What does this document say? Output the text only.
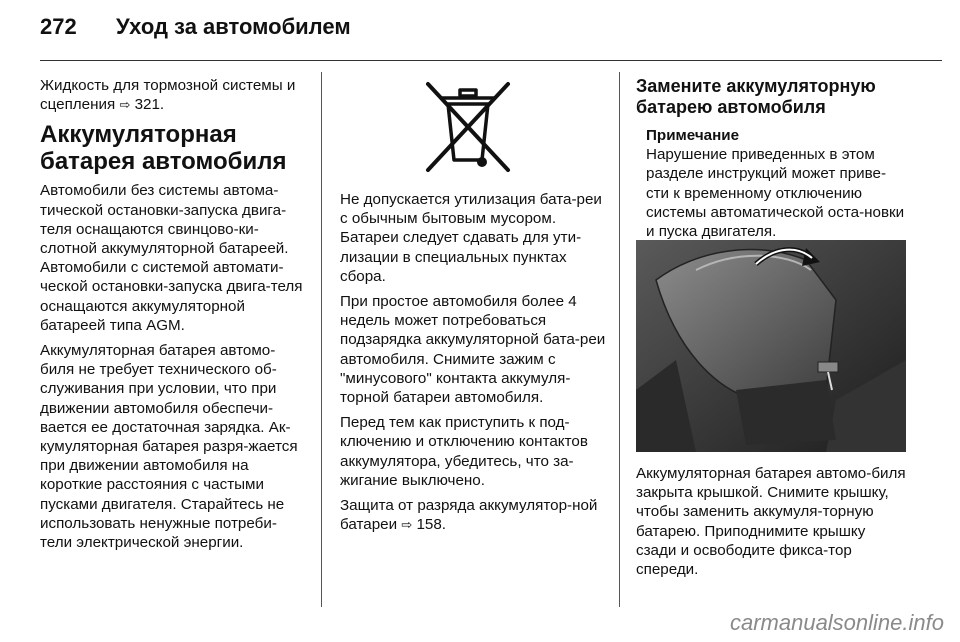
272 Уход за автомобилем

Жидкость для тормозной системы и сцепления ⇨ 321.

Аккумуляторная батарея автомобиля

Автомобили без системы автома-тической остановки-запуска двига-теля оснащаются свинцово-ки-слотной аккумуляторной батареей. Автомобили с системой автомати-ческой остановки-запуска двига-теля оснащаются аккумуляторной батареей типа AGM.

Аккумуляторная батарея автомо-биля не требует технического об-служивания при условии, что при движении автомобиля обеспечи-вается ее достаточная зарядка. Ак-кумуляторная батарея разря-жается при движении автомобиля на короткие расстояния с частыми пусками двигателя. Старайтесь не использовать ненужные потреби-тели электрической энергии.

Не допускается утилизация бата-реи с обычным бытовым мусором. Батареи следует сдавать для ути-лизации в специальных пунктах сбора.

При простое автомобиля более 4 недель может потребоваться подзарядка аккумуляторной бата-реи автомобиля. Снимите зажим с "минусового" контакта аккумуля-торной батареи автомобиля.

Перед тем как приступить к под-ключению и отключению контактов аккумулятора, убедитесь, что за-жигание выключено.

Защита от разряда аккумулятор-ной батареи ⇨ 158.

Замените аккумуляторную батарею автомобиля
Примечание
Нарушение приведенных в этом разделе инструкций может приве-сти к временному отключению системы автоматической оста-новки и пуска двигателя.

Аккумуляторная батарея автомо-биля закрыта крышкой. Снимите крышку, чтобы заменить аккумуля-торную батарею. Приподнимите крышку сзади и освободите фикса-тор спереди.

carmanualsonline.info
